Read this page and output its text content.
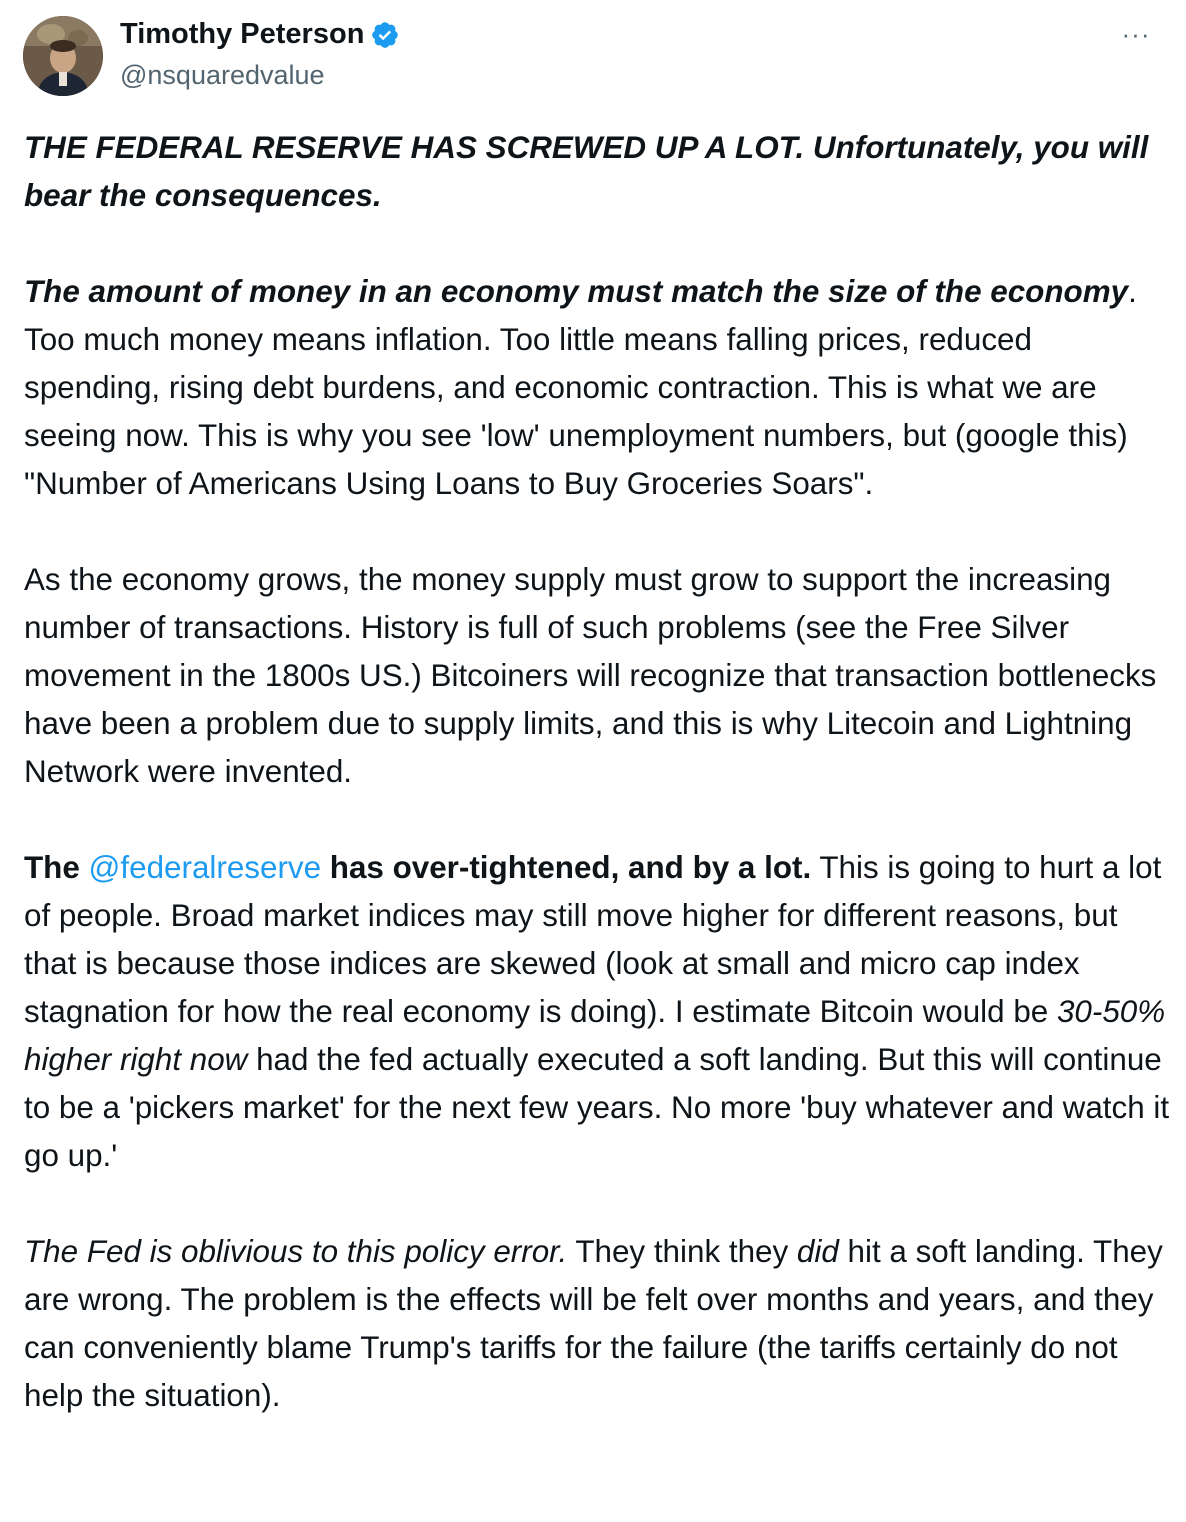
Timothy Peterson
@nsquaredvalue
···

THE FEDERAL RESERVE HAS SCREWED UP A LOT. Unfortunately, you will bear the consequences.

The amount of money in an economy must match the size of the economy. Too much money means inflation. Too little means falling prices, reduced spending, rising debt burdens, and economic contraction. This is what we are seeing now. This is why you see 'low' unemployment numbers, but (google this) "Number of Americans Using Loans to Buy Groceries Soars".

As the economy grows, the money supply must grow to support the increasing number of transactions. History is full of such problems (see the Free Silver movement in the 1800s US.) Bitcoiners will recognize that transaction bottlenecks have been a problem due to supply limits, and this is why Litecoin and Lightning Network were invented.

The @federalreserve has over-tightened, and by a lot. This is going to hurt a lot of people. Broad market indices may still move higher for different reasons, but that is because those indices are skewed (look at small and micro cap index stagnation for how the real economy is doing). I estimate Bitcoin would be 30-50% higher right now had the fed actually executed a soft landing. But this will continue to be a 'pickers market' for the next few years. No more 'buy whatever and watch it go up.'

The Fed is oblivious to this policy error. They think they did hit a soft landing. They are wrong. The problem is the effects will be felt over months and years, and they can conveniently blame Trump's tariffs for the failure (the tariffs certainly do not help the situation).
